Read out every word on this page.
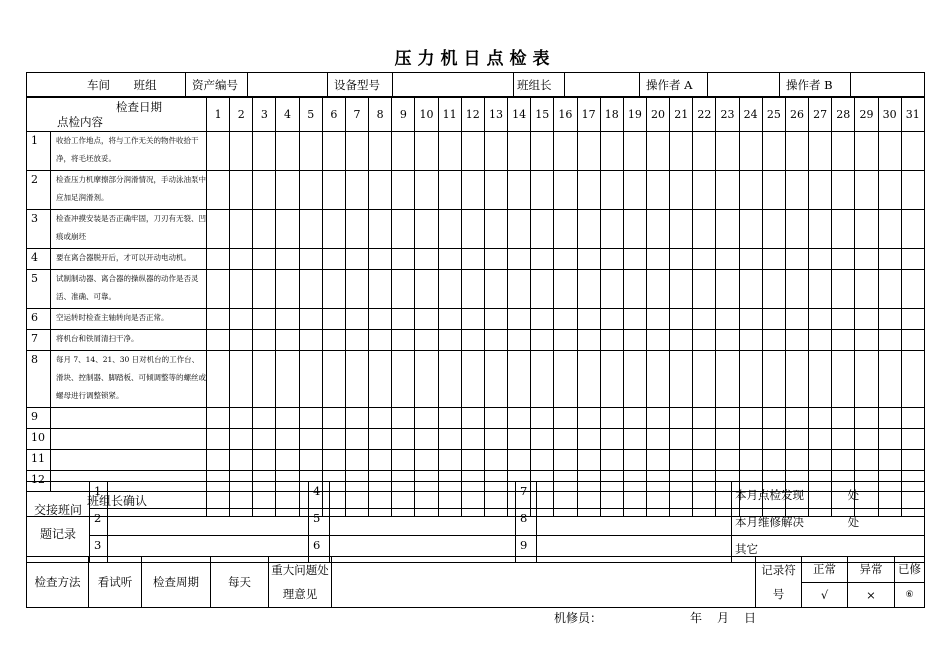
压力机日点检表
车间 班组	资产编号		设备型号		班组长		操作者 A		操作者 B	
检查日期
点检内容		1	2	3	4	5	6	7	8	9	10	11	12	13	14	15	16	17	18	19	20	21	22	23	24	25	26	27	28	29	30	31
1	收拾工作地点，将与工作无关的物件收拾干净，将毛坯放妥。																															
2	检查压力机摩擦部分润滑情况，手动泳油泵中应加足润滑剂。																															
3	检查冲摸安装是否正确牢固，刀刃有无裂、凹痕或崩坯																															
4	要在离合器脱开后，才可以开动电动机。																															
5	试制制动器、离合器的操纵器的动作是否灵活、准确、可靠。																															
6	空运转时检查主轴转向是否正常。																															
7	将机台和铁屑清扫干净。																															
8	每月 7、14、21、30 日对机台的工作台、滑块、控制器、脚踏板、可倾调整等的螺丝或螺母进行调整锁紧。																															
9																																
10																																
11																																
12																																
班组长确认																																
交接班问题记录	1		4		7		本月点检发现 处
	2		5		8		本月维修解决 处
	3		6		9		其它
检查方法	看试听	检查周期	每天	重大问题处理意见		记录符号	正常	异常	已修
							√	×	⑥
机修员：	年 月 日
